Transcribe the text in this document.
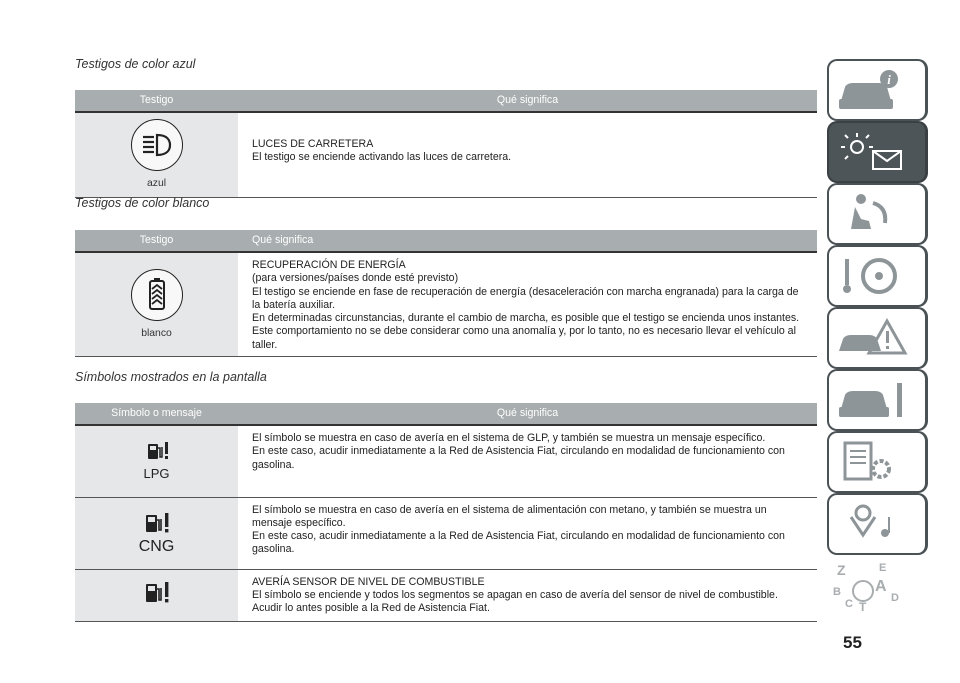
Testigos de color azul
Testigo	Qué significa

azul	LUCES DE CARRETERA
El testigo se enciende activando las luces de carretera.
Testigos de color blanco
Testigo	Qué significa

blanco	RECUPERACIÓN DE ENERGÍA
(para versiones/países donde esté previsto)
El testigo se enciende en fase de recuperación de energía (desaceleración con marcha engranada) para la carga de la batería auxiliar.
En determinadas circunstancias, durante el cambio de marcha, es posible que el testigo se encienda unos instantes. Este comportamiento no se debe considerar como una anomalía y, por lo tanto, no es necesario llevar el vehículo al taller.
Símbolos mostrados en la pantalla
Símbolo o mensaje	Qué significa

LPG	El símbolo se muestra en caso de avería en el sistema de GLP, y también se muestra un mensaje específico.
En este caso, acudir inmediatamente a la Red de Asistencia Fiat, circulando en modalidad de funcionamiento con gasolina.

CNG	El símbolo se muestra en caso de avería en el sistema de alimentación con metano, y también se muestra un mensaje específico.
En este caso, acudir inmediatamente a la Red de Asistencia Fiat, circulando en modalidad de funcionamiento con gasolina.

AVERÍA SENSOR DE NIVEL DE COMBUSTIBLE
El símbolo se enciende y todos los segmentos se apagan en caso de avería del sensor de nivel de combustible. Acudir lo antes posible a la Red de Asistencia Fiat.
i
Z	E
A
B
C	D
T
55
